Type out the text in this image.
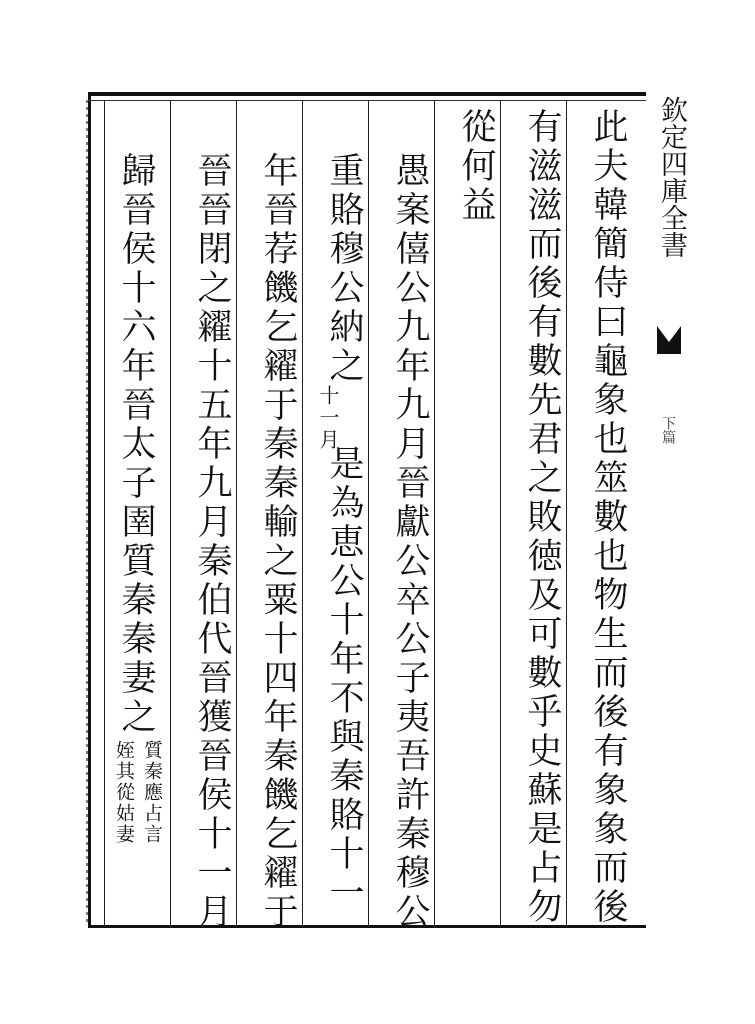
欽定四庫全書
下篇
此夫韓簡侍曰龜象也筮數也物生而後有象象而後
有滋滋而後有數先君之敗徳及可數乎史蘇是占勿
從何益
愚案僖公九年九月晉獻公卒公子夷吾許秦穆公
重賂穆公納之
十一月
是為恵公十年不與秦賂十一
年晉荐饑乞糴于秦秦輸之粟十四年秦饑乞糴于
晉晉閉之糴十五年九月秦伯代晉獲晉侯十一月
歸晉侯十六年晉太子圉質秦秦妻之
質秦應占言
姪其從姑妻
